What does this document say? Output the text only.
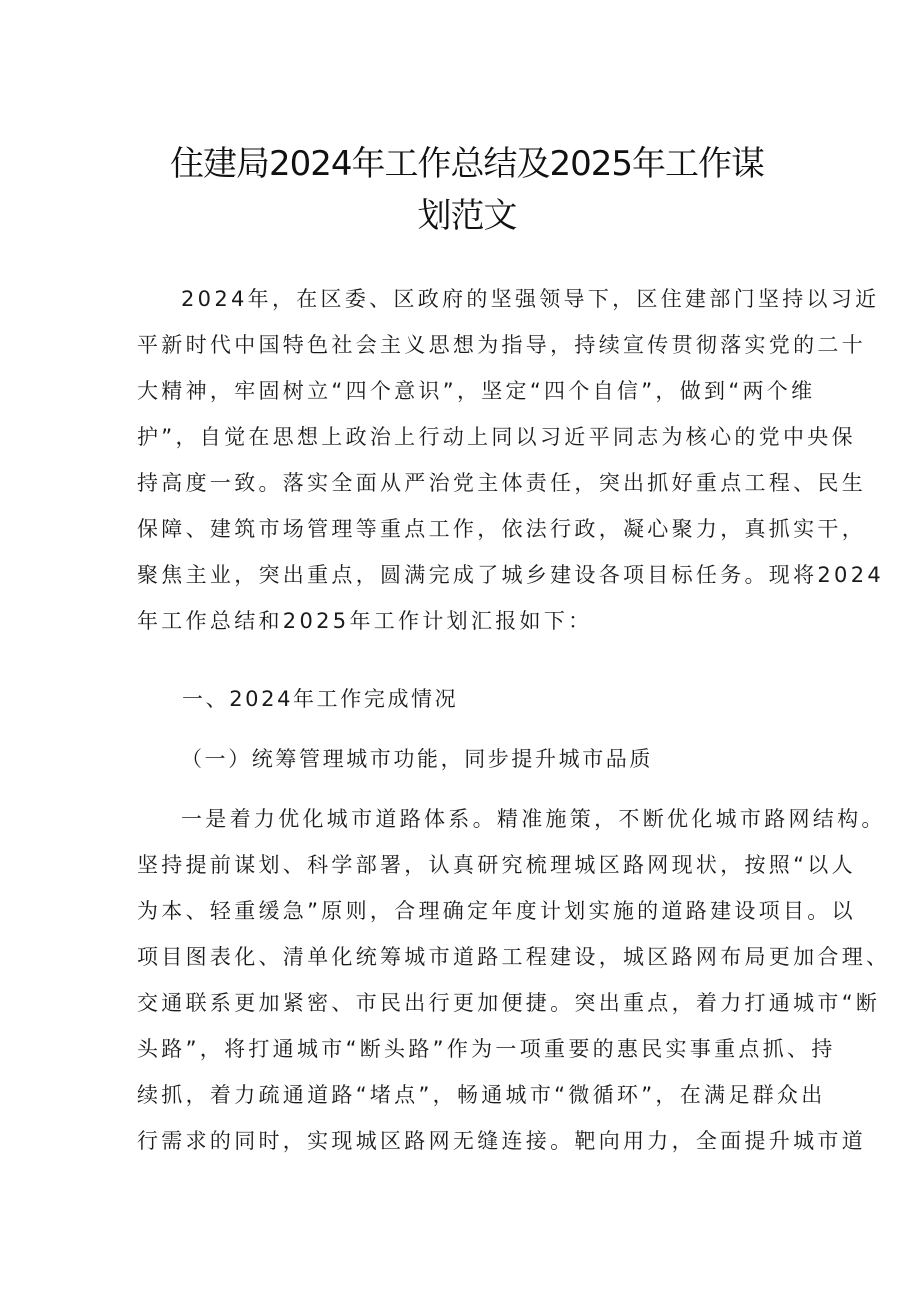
住建局2024年工作总结及2025年工作谋
划范文
2024年，在区委、区政府的坚强领导下，区住建部门坚持以习近
平新时代中国特色社会主义思想为指导，持续宣传贯彻落实党的二十
大精神，牢固树立“四个意识”，坚定“四个自信”，做到“两个维
护”，自觉在思想上政治上行动上同以习近平同志为核心的党中央保
持高度一致。落实全面从严治党主体责任，突出抓好重点工程、民生
保障、建筑市场管理等重点工作，依法行政，凝心聚力，真抓实干，
聚焦主业，突出重点，圆满完成了城乡建设各项目标任务。现将2024
年工作总结和2025年工作计划汇报如下：
一、2024年工作完成情况
（一）统筹管理城市功能，同步提升城市品质
一是着力优化城市道路体系。精准施策，不断优化城市路网结构。
坚持提前谋划、科学部署，认真研究梳理城区路网现状，按照“以人
为本、轻重缓急”原则，合理确定年度计划实施的道路建设项目。以
项目图表化、清单化统筹城市道路工程建设，城区路网布局更加合理、
交通联系更加紧密、市民出行更加便捷。突出重点，着力打通城市“断
头路”，将打通城市“断头路”作为一项重要的惠民实事重点抓、持
续抓，着力疏通道路“堵点”，畅通城市“微循环”，在满足群众出
行需求的同时，实现城区路网无缝连接。靶向用力，全面提升城市道
